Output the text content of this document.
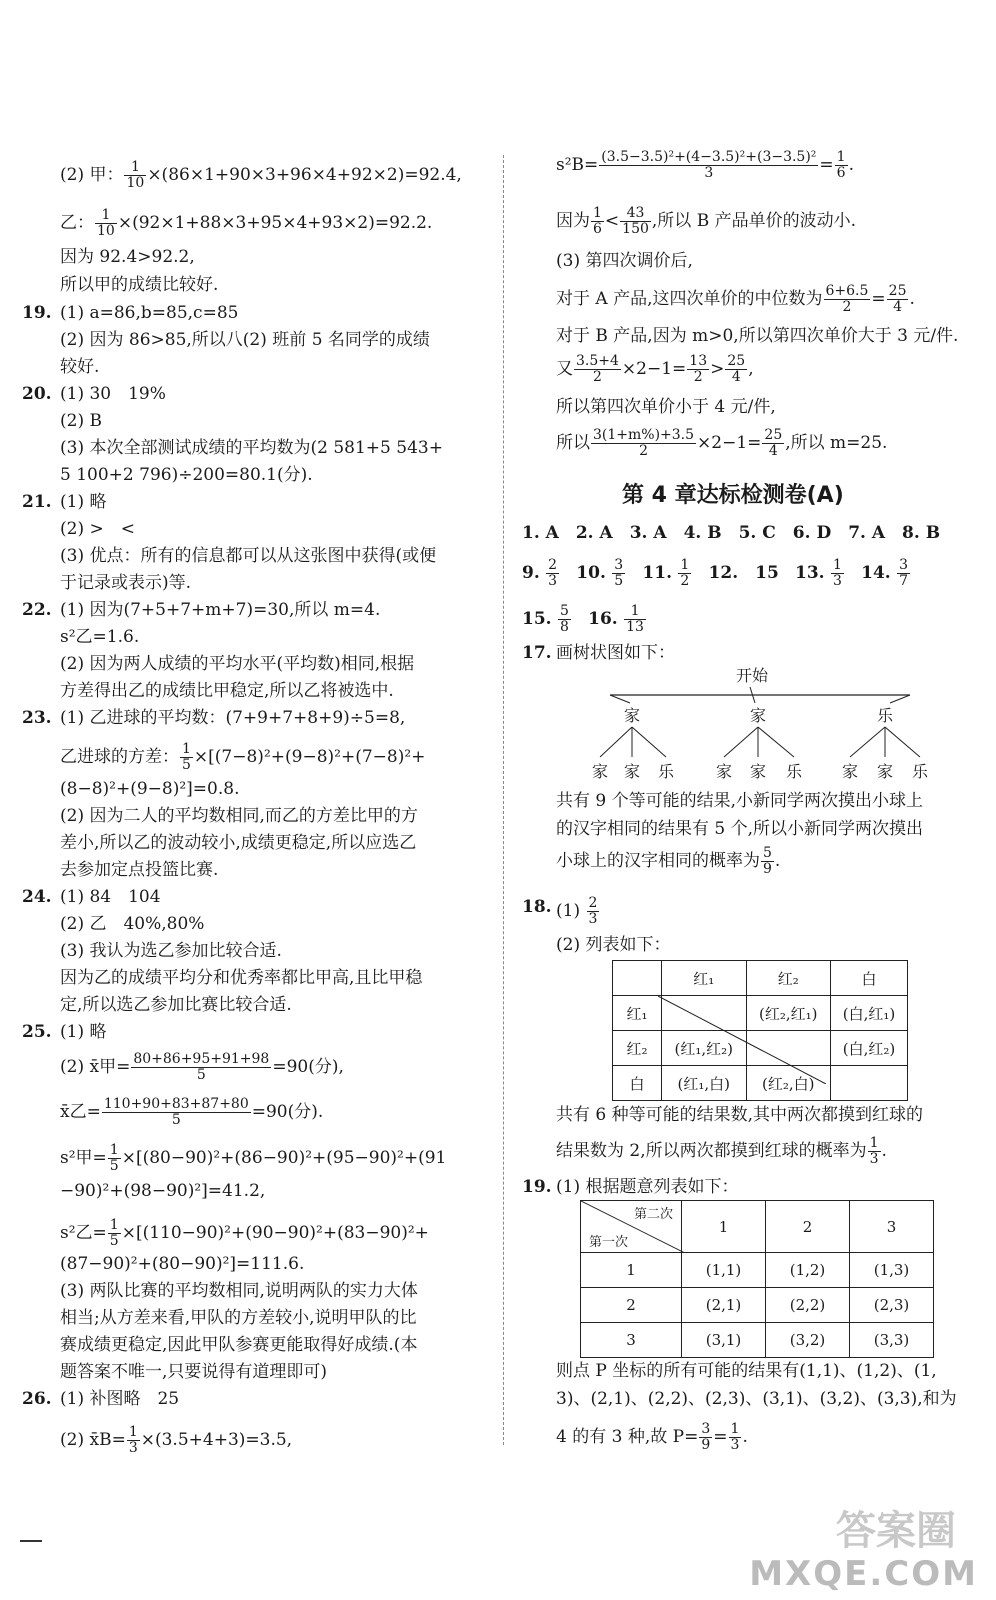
(2) 甲： $\frac{1}{10} \times(86\times 1+90\times 3+96\times 4+92\times 2)=92.4$,
乙： $\frac{1}{10} \times(92\times 1+88\times 3+95\times 4+93\times 2)=92.2$.
因为 92.4>92.2,
所以甲的成绩比较好.
19. (1) a=86,b=85,c=85
(2) 因为 86>85,所以八(2) 班前 5 名同学的成绩
较好.
20. (1) 30　19%
(2) B
(3) 本次全部测试成绩的平均数为(2 581+5 543+
5 100+2 796)÷200=80.1(分).
21. (1) 略
(2) >　<
(3) 优点：所有的信息都可以从这张图中获得(或便
于记录或表示)等.
22. (1) 因为(7+5+7+m+7)=30,所以 m=4.
s²乙=1.6.
(2) 因为两人成绩的平均水平(平均数)相同,根据
方差得出乙的成绩比甲稳定,所以乙将被选中.
23. (1) 乙进球的平均数：(7+9+7+8+9)÷5=8,
乙进球的方差： $\frac{1}{5} \times[(7-8)^2+(9-8)^2+(7-8)^2+$
(8−8)²+(9−8)²]=0.8.
(2) 因为二人的平均数相同,而乙的方差比甲的方
差小,所以乙的波动较小,成绩更稳定,所以应选乙
去参加定点投篮比赛.
24. (1) 84　104
(2) 乙　40%,80%
(3) 我认为选乙参加比较合适.
因为乙的成绩平均分和优秀率都比甲高,且比甲稳
定,所以选乙参加比赛比较合适.
25. (1) 略
(2) x̄甲= $\frac{80+86+95+91+98}{5} =90$(分),
x̄乙= $\frac{110+90+83+87+80}{5} =90$(分).
s²甲= $\frac{1}{5} \times[(80-90)^2+(86-90)^2+(95-90)^2+(91$
−90)²+(98−90)²]=41.2,
s²乙= $\frac{1}{5} \times[(110-90)^2+(90-90)^2+(83-90)^2+$
(87−90)²+(80−90)²]=111.6.
(3) 两队比赛的平均数相同,说明两队的实力大体
相当;从方差来看,甲队的方差较小,说明甲队的比
赛成绩更稳定,因此甲队参赛更能取得好成绩.(本
题答案不唯一,只要说得有道理即可)
26. (1) 补图略　25
(2) x̄B= $\frac{1}{3} \times(3.5+4+3)=3.5$,
$s^2B= \frac{\text{(3.5−3.5)²+(4−3.5)²+(3−3.5)²}}{3} = \frac{1}{6}$ .
因为 $\frac{1}{6} < \frac{43}{150}$ ,所以 B 产品单价的波动小.
(3) 第四次调价后,
对于 A 产品,这四次单价的中位数为 $\frac{6+6.5}{2} = \frac{25}{4}$ .
对于 B 产品,因为 m>0,所以第四次单价大于 3 元/件.
又 $\frac{3.5+4}{2} \times 2-1= \frac{13}{2} > \frac{25}{4}$ ,
所以第四次单价小于 4 元/件,
所以 $\frac{3(1+m\%)+3.5}{2} \times 2-1= \frac{25}{4}$ ,所以 m=25.
第 4 章达标检测卷(A)
1. A　2. A　3. A　4. B　5. C　6. D　7. A　8. B
9. $\frac{2}{3} 10$. $\frac{3}{5} 11$. $\frac{1}{2} 12$.　15 13. $\frac{1}{3} 14$. $\frac{3}{7}$
15. $\frac{5}{8} 16$. $\frac{1}{13}$
17. 画树状图如下：
开始
家	家	乐
家 家 乐	家 家 乐 家 家 乐
共有 9 个等可能的结果,小新同学两次摸出小球上
的汉字相同的结果有 5 个,所以小新同学两次摸出
小球上的汉字相同的概率为 $\frac{5}{9}$ .
18. $(1) \frac{2}{3}$
(2) 列表如下：
	红₁	红₂	白
红₁		(红₂,红₁)	(白,红₁)
红₂	(红₁,红₂)		(白,红₂)
白	(红₁,白)	(红₂,白)	
共有 6 种等可能的结果数,其中两次都摸到红球的
结果数为 2,所以两次都摸到红球的概率为 $\frac{1}{3}$ .
19. (1) 根据题意列表如下：
第二次
第一次	1	2	3
1	(1,1)	(1,2)	(1,3)
2	(2,1)	(2,2)	(2,3)
3	(3,1)	(3,2)	(3,3)
则点 P 坐标的所有可能的结果有(1,1)、(1,2)、(1,
3)、(2,1)、(2,2)、(2,3)、(3,1)、(3,2)、(3,3),和为
4 的有 3 种,故 $P= \frac{3}{9} = \frac{1}{3}$ .
答案圈
MXQE.COM
